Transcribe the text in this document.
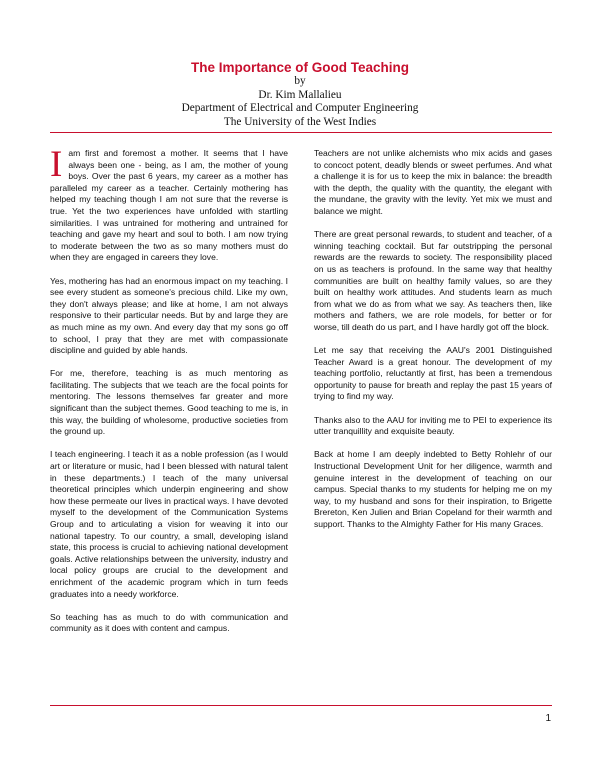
The Importance of Good Teaching
by
Dr. Kim Mallalieu
Department of Electrical and Computer Engineering
The University of the West Indies

Iam first and foremost a mother. It seems that I have always been one - being, as I am, the mother of young boys. Over the past 6 years, my career as a mother has paralleled my career as a teacher. Certainly mothering has helped my teaching though I am not sure that the reverse is true. Yet the two experiences have unfolded with startling similarities. I was untrained for mothering and untrained for teaching and gave my heart and soul to both. I am now trying to moderate between the two as so many mothers must do when they are engaged in careers they love.

Yes, mothering has had an enormous impact on my teaching. I see every student as someone's precious child. Like my own, they don't always please; and like at home, I am not always responsive to their particular needs. But by and large they are as much mine as my own. And every day that my sons go off to school, I pray that they are met with compassionate discipline and guided by able hands.

For me, therefore, teaching is as much mentoring as facilitating. The subjects that we teach are the focal points for mentoring. The lessons themselves far greater and more significant than the subject themes. Good teaching to me is, in this way, the building of wholesome, productive societies from the ground up.

I teach engineering. I teach it as a noble profession (as I would art or literature or music, had I been blessed with natural talent in these departments.) I teach of the many universal theoretical principles which underpin engineering and show how these permeate our lives in practical ways. I have devoted myself to the development of the Communication Systems Group and to articulating a vision for weaving it into our national tapestry. To our country, a small, developing island state, this process is crucial to achieving national development goals. Active relationships between the university, industry and local policy groups are crucial to the development and enrichment of the academic program which in turn feeds graduates into a needy workforce.

So teaching has as much to do with communication and community as it does with content and campus.

Teachers are not unlike alchemists who mix acids and gases to concoct potent, deadly blends or sweet perfumes. And what a challenge it is for us to keep the mix in balance: the breadth with the depth, the quality with the quantity, the elegant with the mundane, the gravity with the levity. Yet mix we must and balance we might.

There are great personal rewards, to student and teacher, of a winning teaching cocktail. But far outstripping the personal rewards are the rewards to society. The responsibility placed on us as teachers is profound. In the same way that healthy communities are built on healthy family values, so are they built on healthy work attitudes. And students learn as much from what we do as from what we say. As teachers then, like mothers and fathers, we are role models, for better or for worse, till death do us part, and I have hardly got off the block.

Let me say that receiving the AAU's 2001 Distinguished Teacher Award is a great honour. The development of my teaching portfolio, reluctantly at first, has been a tremendous opportunity to pause for breath and replay the past 15 years of trying to find my way.

Thanks also to the AAU for inviting me to PEI to experience its utter tranquillity and exquisite beauty.

Back at home I am deeply indebted to Betty Rohlehr of our Instructional Development Unit for her diligence, warmth and genuine interest in the development of teaching on our campus. Special thanks to my students for helping me on my way, to my husband and sons for their inspiration, to Brigette Brereton, Ken Julien and Brian Copeland for their warmth and support. Thanks to the Almighty Father for His many Graces.

1
